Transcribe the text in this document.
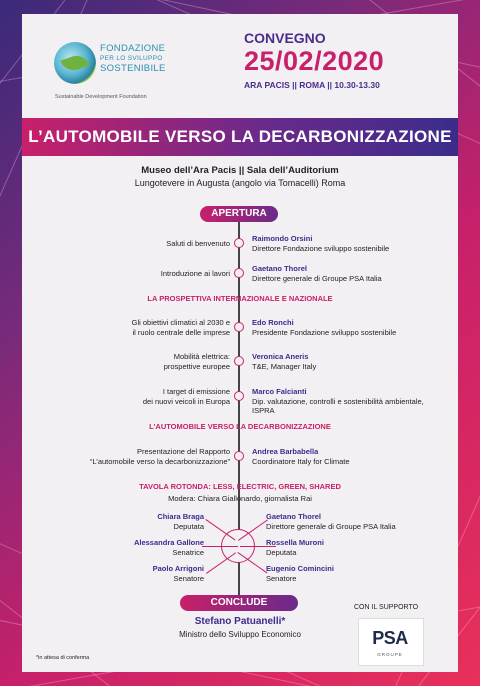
FONDAZIONE
PER LO SVILUPPO
SOSTENIBILE
Sustainable Development Foundation
CONVEGNO
25/02/2020
ARA PACIS || ROMA || 10.30-13.30
L’AUTOMOBILE VERSO LA DECARBONIZZAZIONE
Museo dell’Ara Pacis || Sala dell’Auditorium
Lungotevere in Augusta (angolo via Tomacelli) Roma
APERTURA
Saluti di benvenuto
Raimondo Orsini
Direttore Fondazione sviluppo sostenibile
Introduzione ai lavori
Gaetano Thorel
Direttore generale di Groupe PSA Italia
LA PROSPETTIVA INTERNAZIONALE E NAZIONALE
Gli obiettivi climatici al 2030 e
il ruolo centrale delle imprese
Edo Ronchi
Presidente Fondazione sviluppo sostenibile
Mobilità elettrica:
prospettive europee
Veronica Aneris
T&E, Manager Italy
I target di emissione
dei nuovi veicoli in Europa
Marco Falcianti
Dip. valutazione, controlli e sostenibilità ambientale, ISPRA
L’AUTOMOBILE VERSO LA DECARBONIZZAZIONE
Presentazione del Rapporto
“L’automobile verso la decarbonizzazione”
Andrea Barbabella
Coordinatore Italy for Climate
TAVOLA ROTONDA: LESS, ELECTRIC, GREEN, SHARED
Modera: Chiara Giallonardo, giornalista Rai
Chiara Braga
Deputata
Alessandra Gallone
Senatrice
Paolo Arrigoni
Senatore
Gaetano Thorel
Direttore generale di Groupe PSA Italia
Rossella Muroni
Deputata
Eugenio Comincini
Senatore
CONCLUDE
Stefano Patuanelli*
Ministro dello Sviluppo Economico
CON IL SUPPORTO
PSA
GROUPE
*in attesa di conferma
